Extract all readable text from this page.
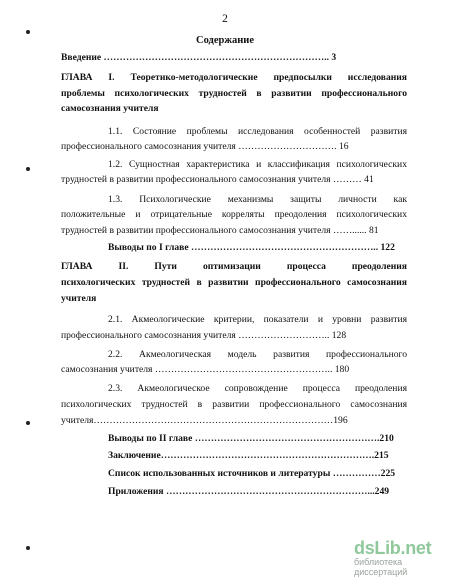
2
Содержание
Введение …………………………………………………………….. 3
ГЛАВА I. Теоретико-методологические предпосылки исследования
проблемы психологических трудностей в развитии профессионального
самосознания учителя
1.1. Состояние проблемы исследования особенностей развития
профессионального самосознания учителя …………………………. 16
1.2. Сущностная характеристика и классификация психологических
трудностей в развитии профессионального самосознания учителя ……… 41
1.3. Психологические механизмы защиты личности как
положительные и отрицательные корреляты преодоления психологических
трудностей в развитии профессионального самосознания учителя ……...... 81
Выводы по I главе ………………………………………………….. 122
ГЛАВА II. Пути оптимизации процесса преодоления
психологических трудностей в развитии профессионального самосознания
учителя
2.1. Акмеологические критерии, показатели и уровни развития
профессионального самосознания учителя ……………………….. 128
2.2. Акмеологическая модель развития профессионального
самосознания учителя ……………………………………………….. 180
2.3. Акмеологическое сопровождение процесса преодоления
психологических трудностей в развитии профессионального самосознания
учителя…………………………………………………………………196
Выводы по II главе ………………………………………………….210
Заключение………………………………………………………….215
Список использованных источников и литературы ……………225
Приложения ………………………………………………………...249
dsLib.net
библиотека диссертаций
